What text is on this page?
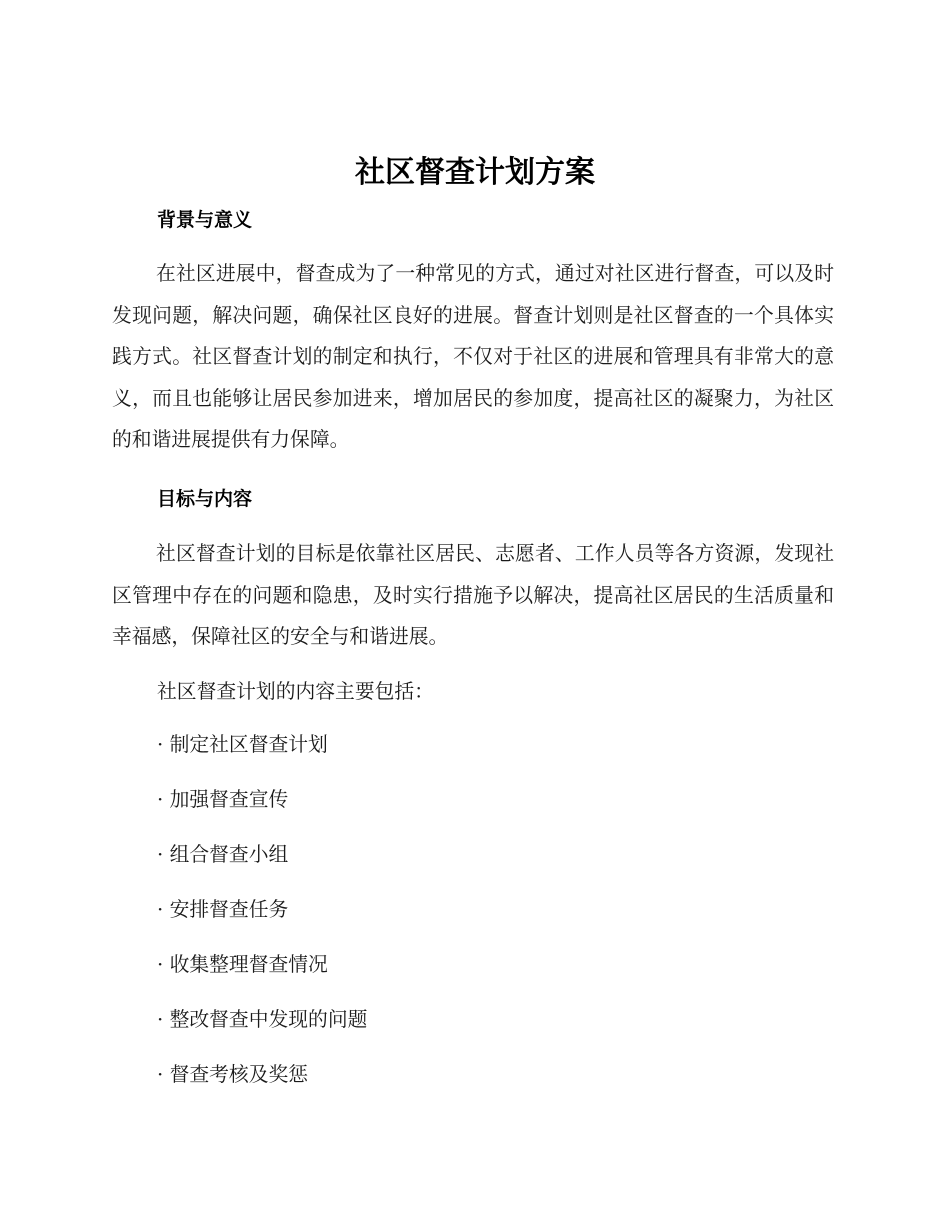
社区督查计划方案
背景与意义

在社区进展中，督查成为了一种常见的方式，通过对社区进行督查，可以及时发现问题，解决问题，确保社区良好的进展。督查计划则是社区督查的一个具体实践方式。社区督查计划的制定和执行，不仅对于社区的进展和管理具有非常大的意义，而且也能够让居民参加进来，增加居民的参加度，提高社区的凝聚力，为社区的和谐进展提供有力保障。

目标与内容

社区督查计划的目标是依靠社区居民、志愿者、工作人员等各方资源，发现社区管理中存在的问题和隐患，及时实行措施予以解决，提高社区居民的生活质量和幸福感，保障社区的安全与和谐进展。

社区督查计划的内容主要包括：

· 制定社区督查计划
· 加强督查宣传
· 组合督查小组
· 安排督查任务
· 收集整理督查情况
· 整改督查中发现的问题
· 督查考核及奖惩
